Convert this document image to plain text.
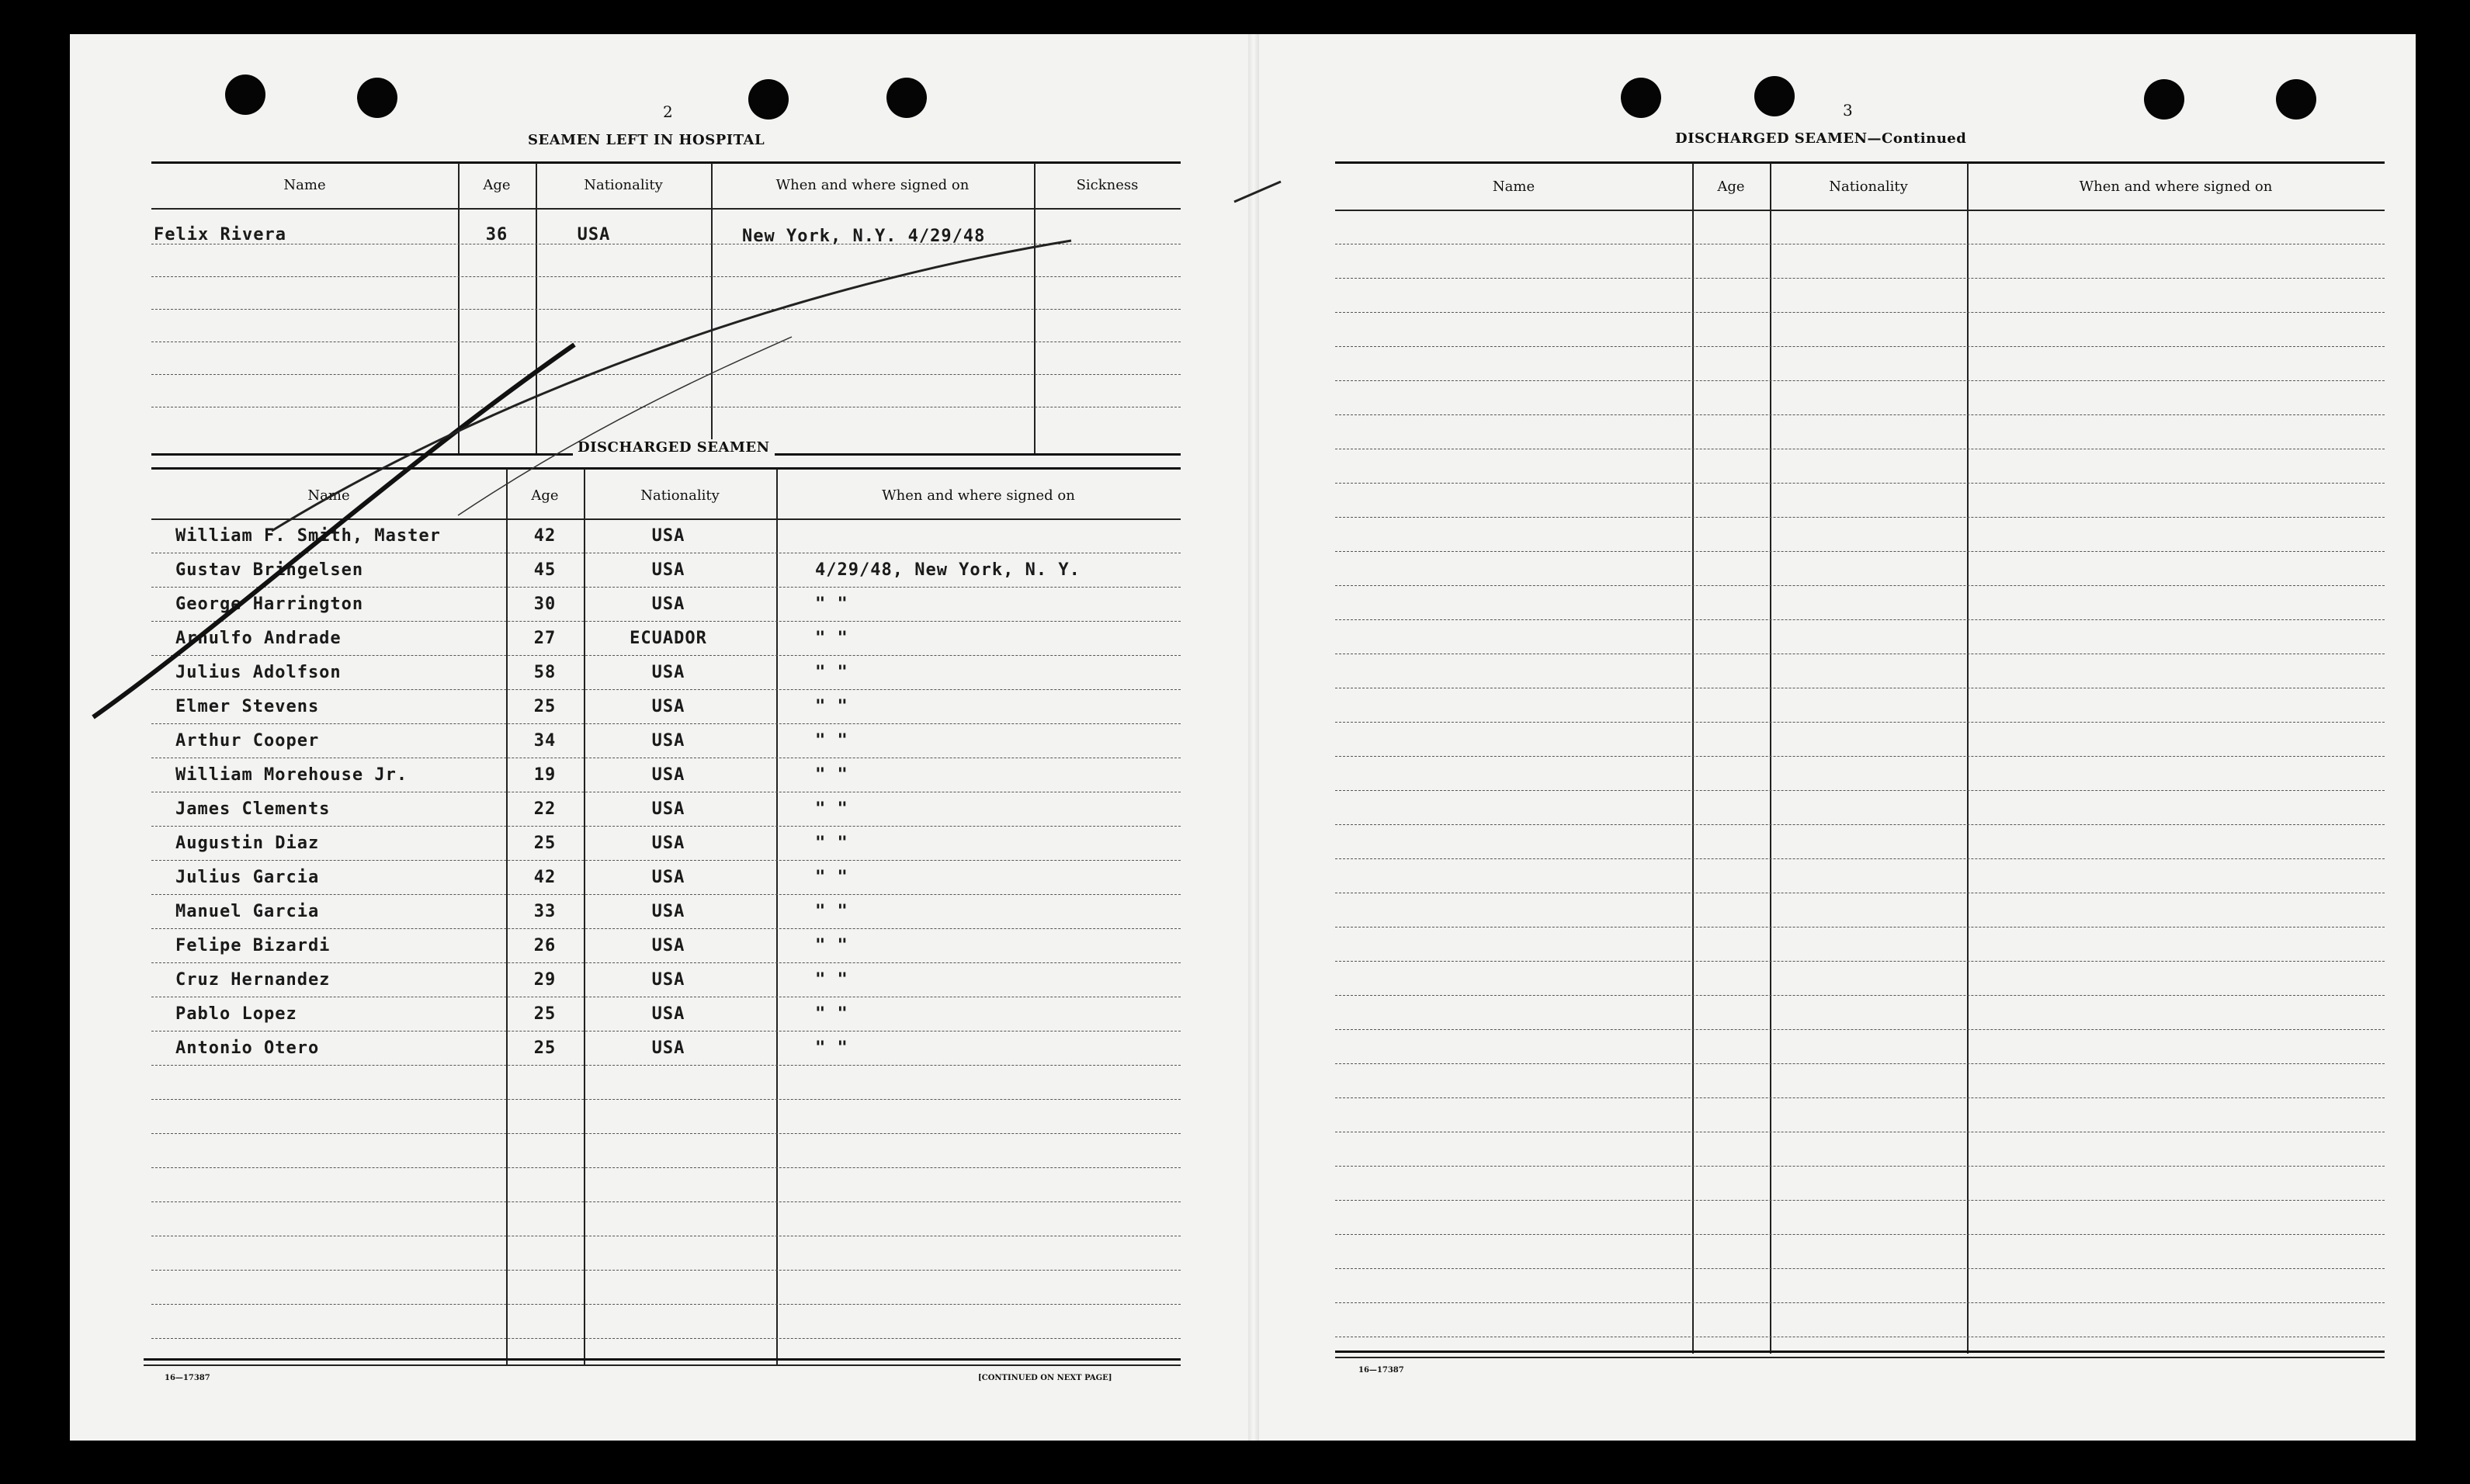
2
SEAMEN LEFT IN HOSPITAL
Name	Age	Nationality	When and where signed on	Sickness
Felix Rivera	36	USA	New York, N.Y. 4/29/48
DISCHARGED SEAMEN
Name	Age	Nationality	When and where signed on
William F. Smith, Master	42	USA
Gustav Bringelsen	45	USA	4/29/48, New York, N. Y.
George Harrington	30	USA	" "
Arnulfo Andrade	27	ECUADOR	" "
Julius Adolfson	58	USA	" "
Elmer Stevens	25	USA	" "
Arthur Cooper	34	USA	" "
William Morehouse Jr.	19	USA	" "
James Clements	22	USA	" "
Augustin Diaz	25	USA	" "
Julius Garcia	42	USA	" "
Manuel Garcia	33	USA	" "
Felipe Bizardi	26	USA	" "
Cruz Hernandez	29	USA	" "
Pablo Lopez	25	USA	" "
Antonio Otero	25	USA	" "
16—17387	[CONTINUED ON NEXT PAGE]
3
DISCHARGED SEAMEN—Continued
Name	Age	Nationality	When and where signed on
16—17387
